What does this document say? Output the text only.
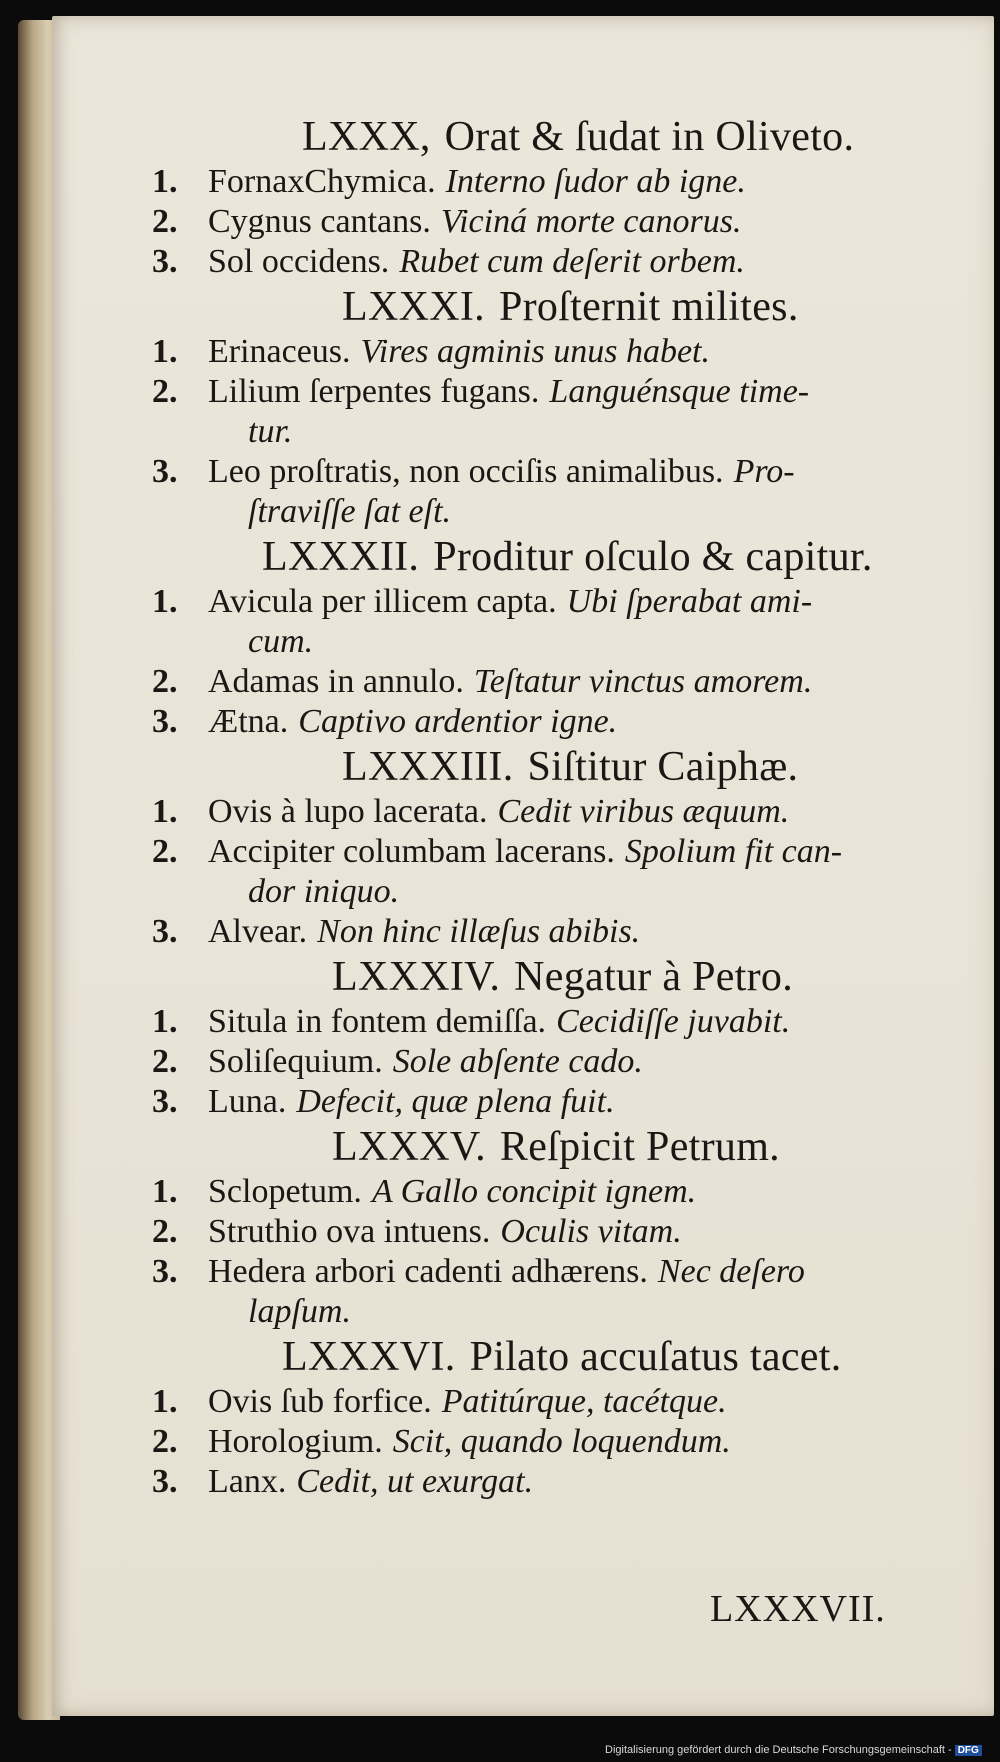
LXXX, Orat & ſudat in Oliveto.
1. FornaxChymica. Interno ſudor ab igne.
2. Cygnus cantans. Viciná morte canorus.
3. Sol occidens. Rubet cum deſerit orbem.
LXXXI. Proſternit milites.
1. Erinaceus. Vires agminis unus habet.
2. Lilium ſerpentes fugans. Languénsque time-
tur.
3. Leo proſtratis, non occiſis animalibus. Pro-
ſtraviſſe ſat eſt.
LXXXII. Proditur oſculo & capitur.
1. Avicula per illicem capta. Ubi ſperabat ami-
cum.
2. Adamas in annulo. Teſtatur vinctus amorem.
3. Ætna. Captivo ardentior igne.
LXXXIII. Siſtitur Caiphæ.
1. Ovis à lupo lacerata. Cedit viribus æquum.
2. Accipiter columbam lacerans. Spolium fit can-
dor iniquo.
3. Alvear. Non hinc illæſus abibis.
LXXXIV. Negatur à Petro.
1. Situla in fontem demiſſa. Cecidiſſe juvabit.
2. Soliſequium. Sole abſente cado.
3. Luna. Defecit, quæ plena fuit.
LXXXV. Reſpicit Petrum.
1. Sclopetum. A Gallo concipit ignem.
2. Struthio ova intuens. Oculis vitam.
3. Hedera arbori cadenti adhærens. Nec deſero
lapſum.
LXXXVI. Pilato accuſatus tacet.
1. Ovis ſub forfice. Patitúrque, tacétque.
2. Horologium. Scit, quando loquendum.
3. Lanx. Cedit, ut exurgat.
LXXXVII.
Digitalisierung gefördert durch die Deutsche Forschungsgemeinschaft - DFG
